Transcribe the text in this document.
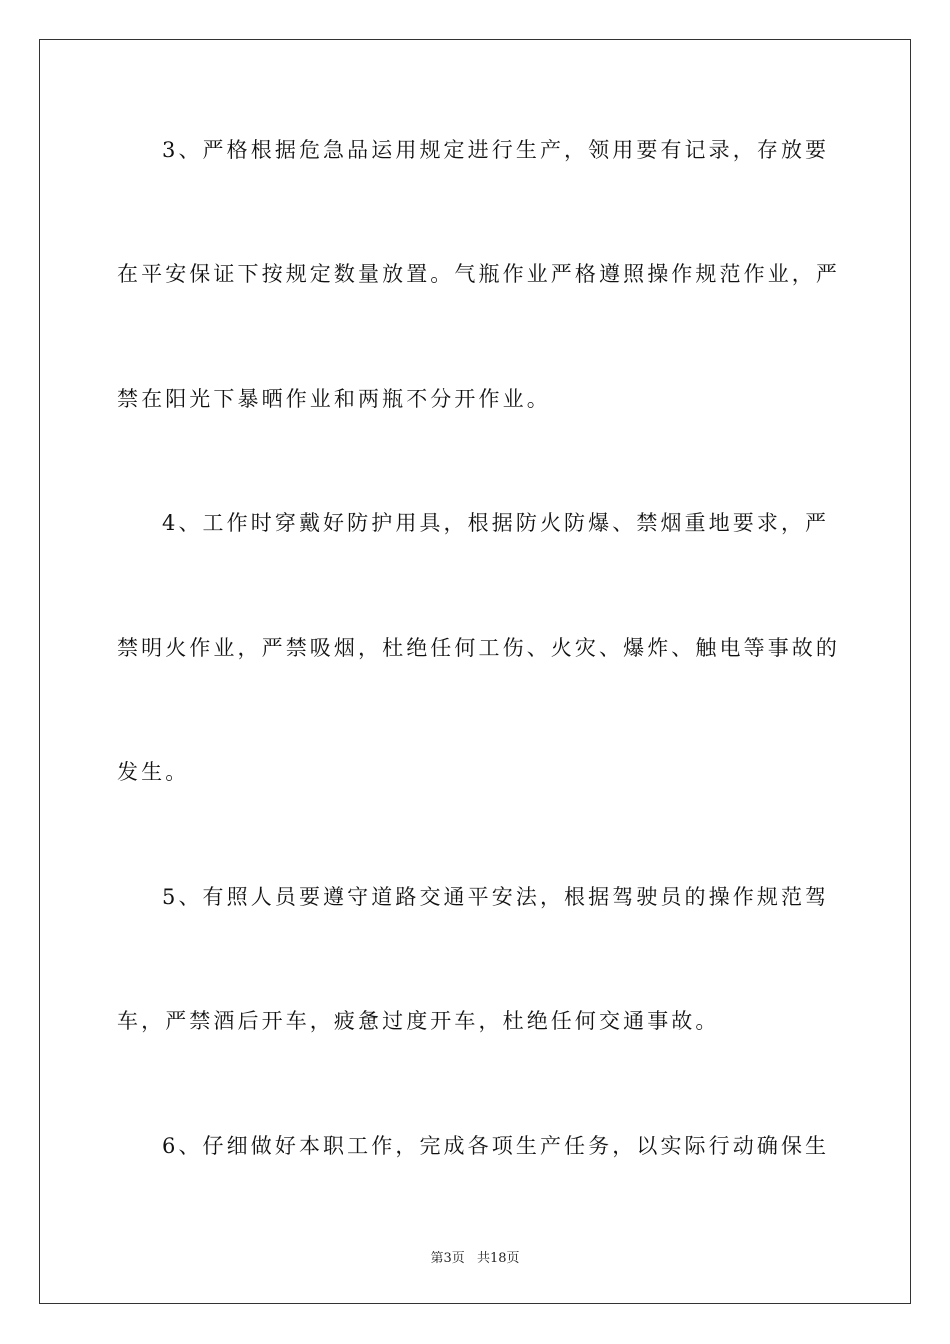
3、严格根据危急品运用规定进行生产，领用要有记录，存放要
在平安保证下按规定数量放置。气瓶作业严格遵照操作规范作业，严
禁在阳光下暴晒作业和两瓶不分开作业。
4、工作时穿戴好防护用具，根据防火防爆、禁烟重地要求，严
禁明火作业，严禁吸烟，杜绝任何工伤、火灾、爆炸、触电等事故的
发生。
5、有照人员要遵守道路交通平安法，根据驾驶员的操作规范驾
车，严禁酒后开车，疲惫过度开车，杜绝任何交通事故。
6、仔细做好本职工作，完成各项生产任务，以实际行动确保生
第3页 共18页
